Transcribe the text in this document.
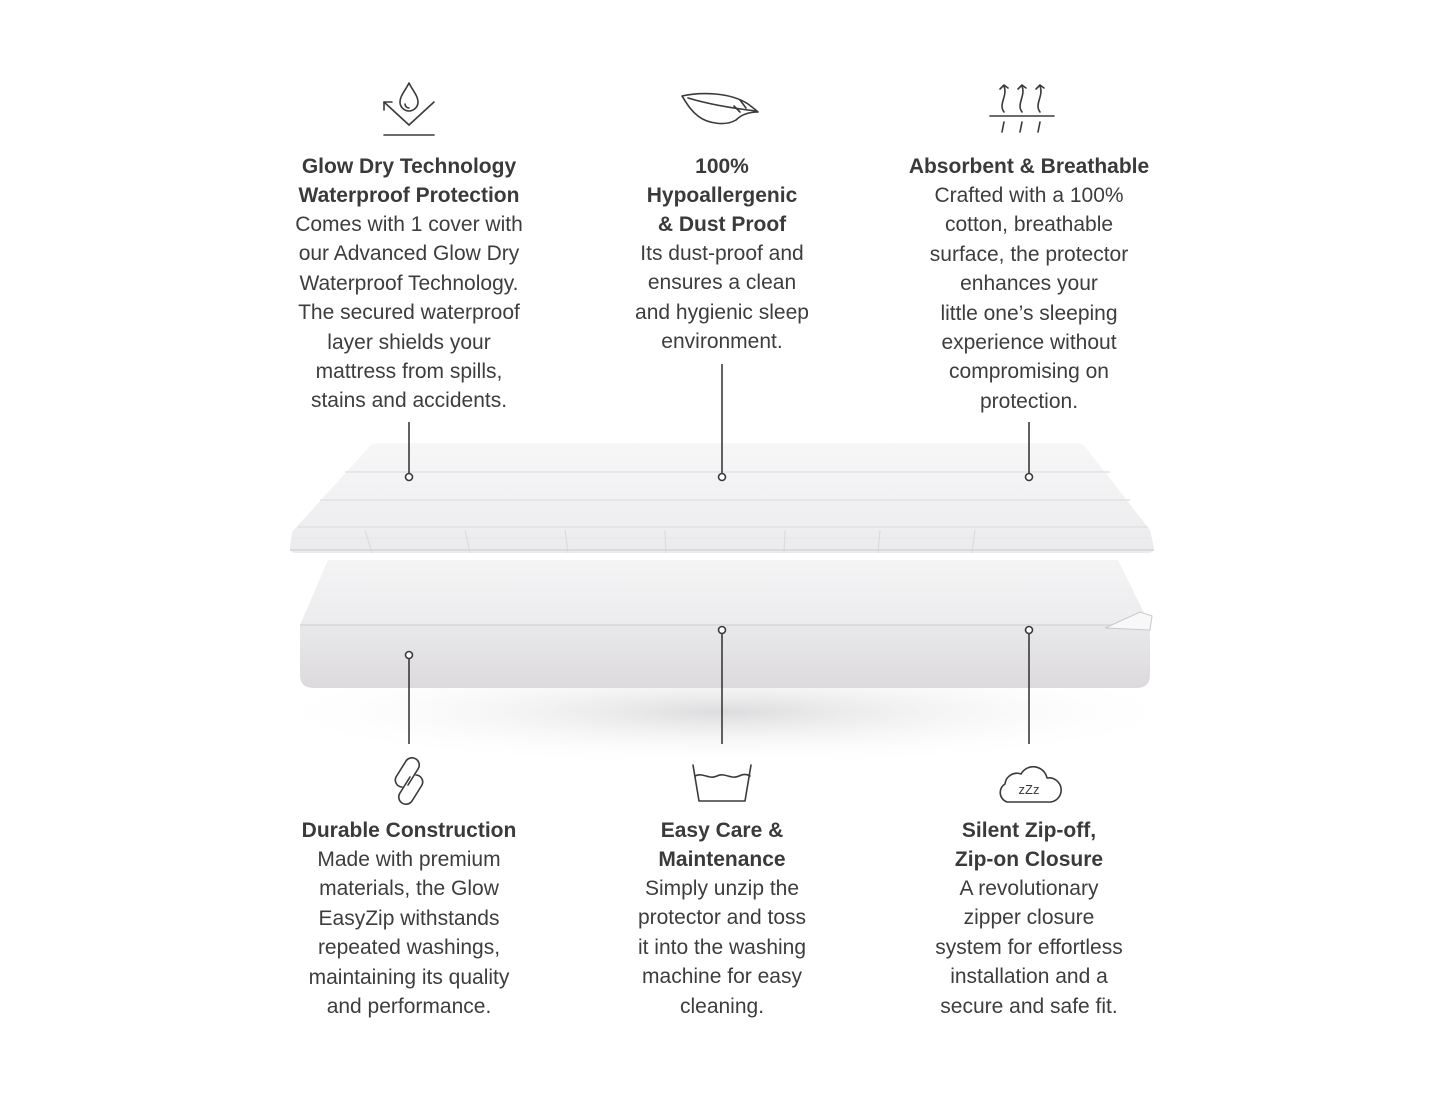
zZz
Glow Dry Technology
Waterproof Protection
Comes with 1 cover with
our Advanced Glow Dry
Waterproof Technology.
The secured waterproof
layer shields your
mattress from spills,
stains and accidents.
100%
Hypoallergenic
& Dust Proof
Its dust-proof and
ensures a clean
and hygienic sleep
environment.
Absorbent & Breathable
Crafted with a 100%
cotton, breathable
surface, the protector
enhances your
little one’s sleeping
experience without
compromising on
protection.
Durable Construction
Made with premium
materials, the Glow
EasyZip withstands
repeated washings,
maintaining its quality
and performance.
Easy Care &
Maintenance
Simply unzip the
protector and toss
it into the washing
machine for easy
cleaning.
Silent Zip-off,
Zip-on Closure
A revolutionary
zipper closure
system for effortless
installation and a
secure and safe fit.
